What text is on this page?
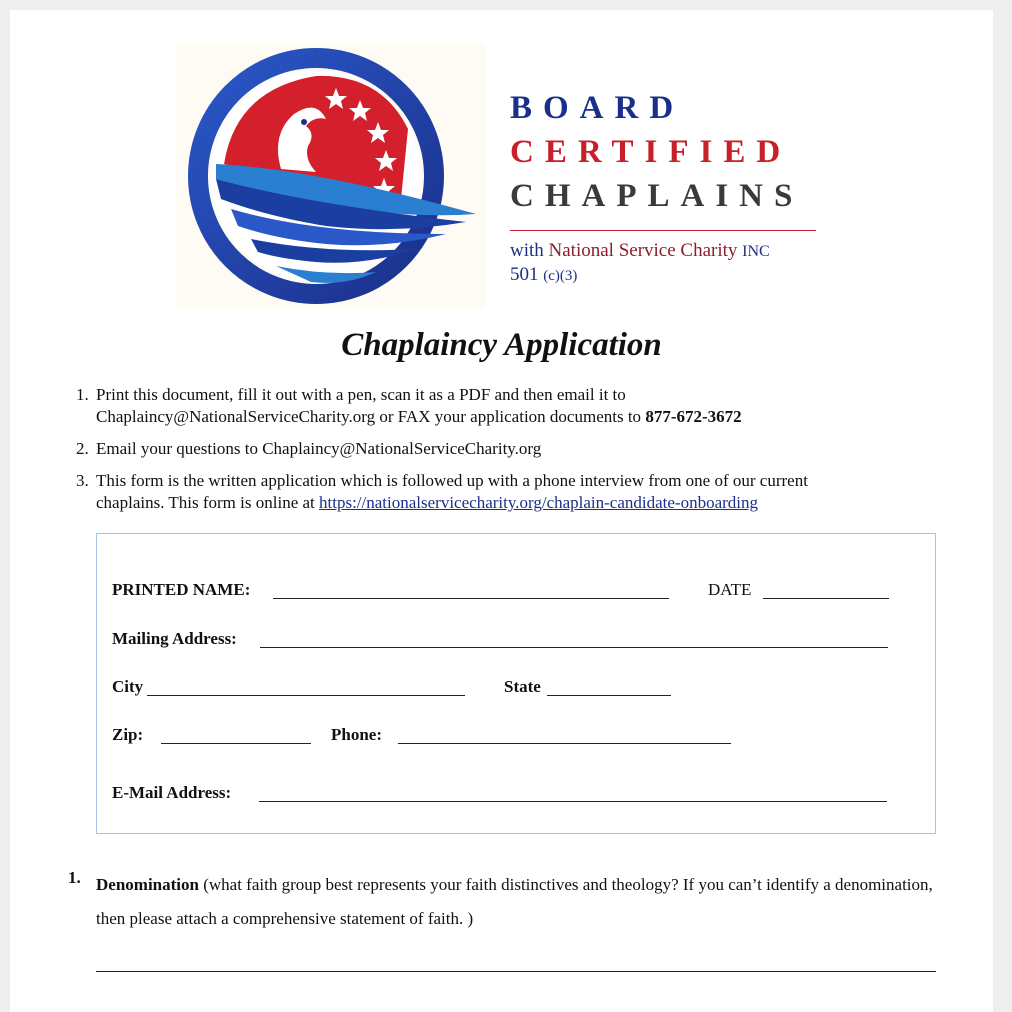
BOARD
CERTIFIED
CHAPLAINS
with National Service Charity INC
501 (c)(3)
Chaplaincy Application
1. Print this document, fill it out with a pen, scan it as a PDF and then email it to
Chaplaincy@NationalServiceCharity.org or FAX your application documents to 877-672-3672
2. Email your questions to Chaplaincy@NationalServiceCharity.org
3. This form is the written application which is followed up with a phone interview from one of our current
chaplains. This form is online at https://nationalservicecharity.org/chaplain-candidate-onboarding
PRINTED NAME:	DATE
Mailing Address:
City	State
Zip:	Phone:
E-Mail Address:
1. Denomination (what faith group best represents your faith distinctives and theology? If you can’t identify a denomination, then please attach a comprehensive statement of faith. )
